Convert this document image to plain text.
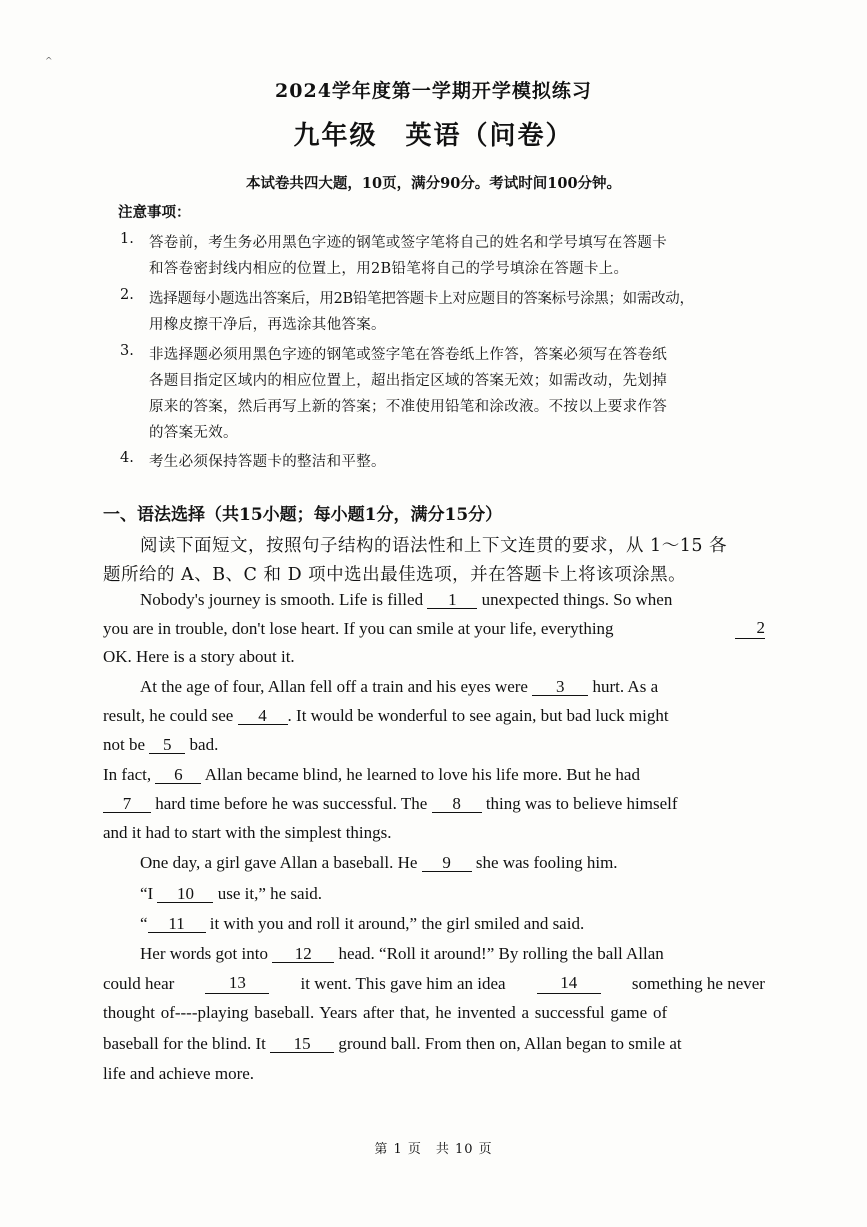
^
2024学年度第一学期开学模拟练习
九年级　英语（问卷）
本试卷共四大题，10页，满分90分。考试时间100分钟。
注意事项：
1. 答卷前，考生务必用黑色字迹的钢笔或签字笔将自己的姓名和学号填写在答题卡
和答卷密封线内相应的位置上，用2B铅笔将自己的学号填涂在答题卡上。
2. 选择题每小题选出答案后，用2B铅笔把答题卡上对应题目的答案标号涂黑；如需改动，
用橡皮擦干净后，再选涂其他答案。
3. 非选择题必须用黑色字迹的钢笔或签字笔在答卷纸上作答，答案必须写在答卷纸
各题目指定区域内的相应位置上，超出指定区域的答案无效；如需改动，先划掉
原来的答案，然后再写上新的答案；不准使用铅笔和涂改液。不按以上要求作答
的答案无效。
4. 考生必须保持答题卡的整洁和平整。
一、语法选择（共15小题；每小题1分，满分15分）
阅读下面短文，按照句子结构的语法性和上下文连贯的要求，从 1～15 各
题所给的 A、B、C 和 D 项中选出最佳选项，并在答题卡上将该项涂黑。
Nobody's journey is smooth. Life is filled 1 unexpected things. So when
you are in trouble, don't lose heart. If you can smile at your life, everything	2
OK. Here is a story about it.
At the age of four, Allan fell off a train and his eyes were 3 hurt. As a
result, he could see 4 . It would be wonderful to see again, but bad luck might
not be 5 bad.
In fact, 6 Allan became blind, he learned to love his life more. But he had
7 hard time before he was successful. The 8 thing was to believe himself
and it had to start with the simplest things.
One day, a girl gave Allan a baseball. He 9 she was fooling him.
“I 10 use it,” he said.
“ 11 it with you and roll it around,” the girl smiled and said.
Her words got into 12 head. “Roll it around!” By rolling the ball Allan
could hear	13	it went. This gave him an idea	14	something he never
thought of----playing baseball. Years after that, he invented a successful game of
baseball for the blind. It 15 ground ball. From then on, Allan began to smile at
life and achieve more.
第 1 页　共 10 页
